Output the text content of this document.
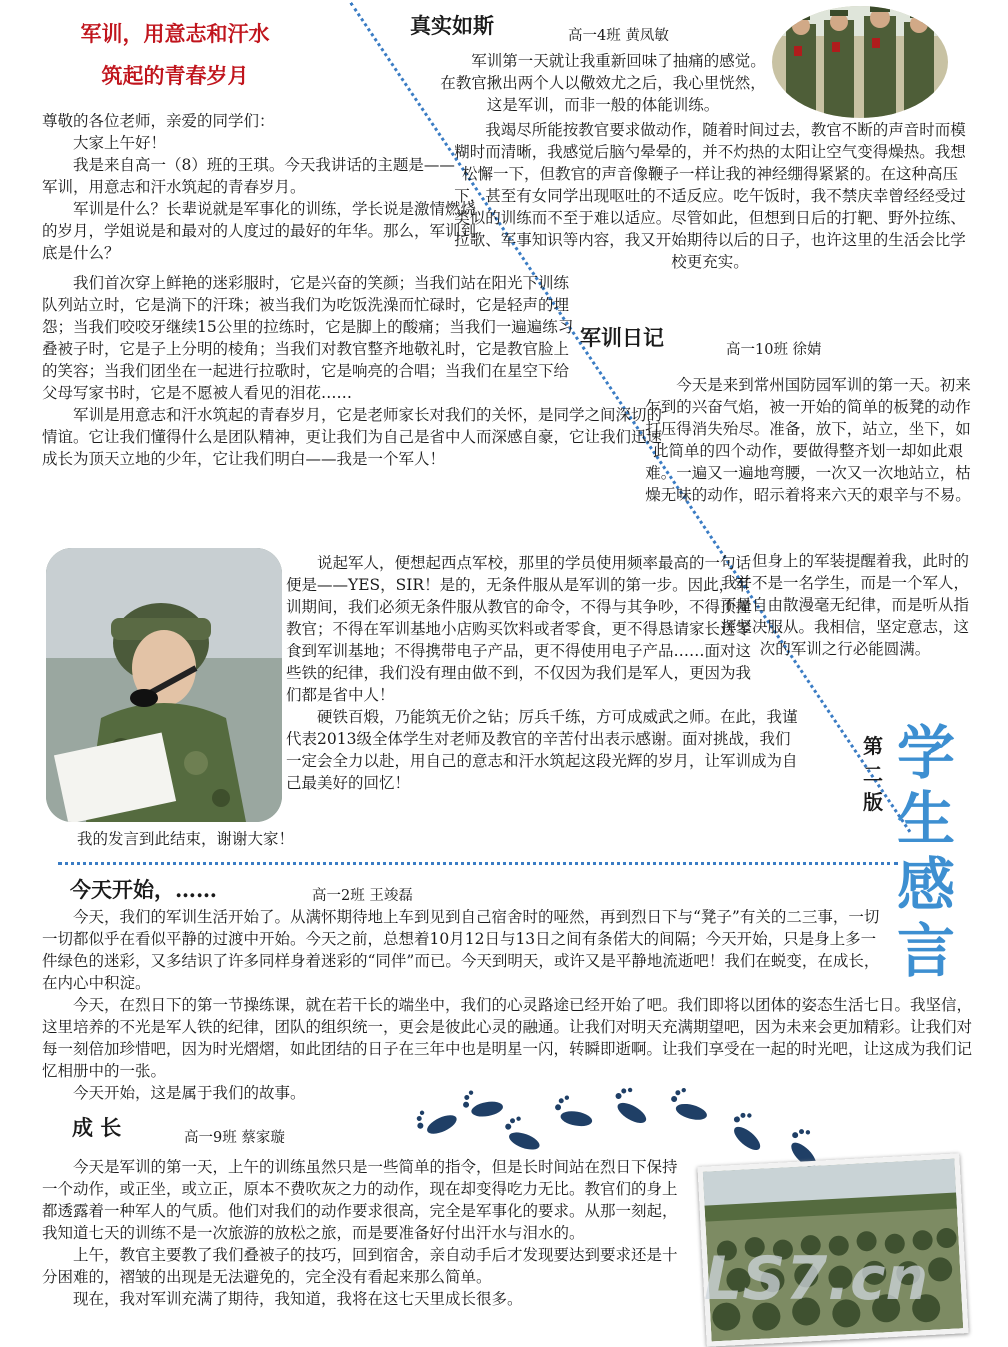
军训，用意志和汗水
筑起的青春岁月

尊敬的各位老师，亲爱的同学们：

大家上午好！

我是来自高一（8）班的王琪。今天我讲话的主题是——军训，用意志和汗水筑起的青春岁月。

军训是什么？长辈说就是军事化的训练，学长说是激情燃烧的岁月，学姐说是和最对的人度过的最好的年华。那么，军训到底是什么？

我们首次穿上鲜艳的迷彩服时，它是兴奋的笑颜；当我们站在阳光下训练队列站立时，它是淌下的汗珠；被当我们为吃饭洗澡而忙碌时，它是轻声的埋怨；当我们咬咬牙继续15公里的拉练时，它是脚上的酸痛；当我们一遍遍练习叠被子时，它是子上分明的棱角；当我们对教官整齐地敬礼时，它是教官脸上的笑容；当我们团坐在一起进行拉歌时，它是响亮的合唱；当我们在星空下给父母写家书时，它是不愿被人看见的泪花……

军训是用意志和汗水筑起的青春岁月，它是老师家长对我们的关怀，是同学之间深切的情谊。它让我们懂得什么是团队精神，更让我们为自己是省中人而深感自豪，它让我们迅速成长为顶天立地的少年，它让我们明白——我是一个军人！

说起军人，便想起西点军校，那里的学员使用频率最高的一句话便是——YES，SIR！是的，无条件服从是军训的第一步。因此，军训期间，我们必须无条件服从教官的命令，不得与其争吵，不得顶撞教官；不得在军训基地小店购买饮料或者零食，更不得恳请家长送零食到军训基地；不得携带电子产品，更不得使用电子产品……面对这些铁的纪律，我们没有理由做不到，不仅因为我们是军人，更因为我们都是省中人！

硬铁百煅，乃能筑无价之钻；厉兵千练，方可成威武之师。在此，我谨代表2013级全体学生对老师及教官的辛苦付出表示感谢。面对挑战，我们一定会全力以赴，用自己的意志和汗水筑起这段光辉的岁月，让军训成为自己最美好的回忆！

我的发言到此结束，谢谢大家！

真实如斯	高一4班 黄凤敏

军训第一天就让我重新回味了抽痛的感觉。在教官揪出两个人以儆效尤之后，我心里恍然，这是军训，而非一般的体能训练。

我竭尽所能按教官要求做动作，随着时间过去，教官不断的声音时而模糊时而清晰，我感觉后脑勺晕晕的，并不灼热的太阳让空气变得燥热。我想松懈一下，但教官的声音像鞭子一样让我的神经绷得紧紧的。在这种高压下，甚至有女同学出现呕吐的不适反应。吃午饭时，我不禁庆幸曾经经受过类似的训练而不至于难以适应。尽管如此，但想到日后的打靶、野外拉练、拉歌、军事知识等内容，我又开始期待以后的日子，也许这里的生活会比学校更充实。

军训日记	高一10班 徐婧

今天是来到常州国防园军训的第一天。初来乍到的兴奋气焰，被一开始的简单的板凳的动作打压得消失殆尽。准备，放下，站立，坐下，如此简单的四个动作，要做得整齐划一却如此艰难。一遍又一遍地弯腰，一次又一次地站立，枯燥无味的动作，昭示着将来六天的艰辛与不易。

但身上的军装提醒着我，此时的我并不是一名学生，而是一个军人，不是自由散漫毫无纪律，而是听从指挥坚决服从。我相信，坚定意志，这次的军训之行必能圆满。

第二版
学
生
感
言
今天开始，……	高一2班 王竣磊

今天，我们的军训生活开始了。从满怀期待地上车到见到自己宿舍时的哑然，再到烈日下与“凳子”有关的二三事，一切一切都似乎在看似平静的过渡中开始。今天之前，总想着10月12日与13日之间有条偌大的间隔；今天开始，只是身上多一件绿色的迷彩，又多结识了许多同样身着迷彩的“同伴”而已。今天到明天，或许又是平静地流逝吧！我们在蜕变，在成长，在内心中积淀。

今天，在烈日下的第一节操练课，就在若干长的端坐中，我们的心灵路途已经开始了吧。我们即将以团体的姿态生活七日。我坚信，这里培养的不光是军人铁的纪律，团队的组织统一，更会是彼此心灵的融通。让我们对明天充满期望吧，因为未来会更加精彩。让我们对每一刻倍加珍惜吧，因为时光熠熠，如此团结的日子在三年中也是明星一闪，转瞬即逝啊。让我们享受在一起的时光吧，让这成为我们记忆相册中的一张。

今天开始，这是属于我们的故事。

成 长	高一9班 蔡家璇

今天是军训的第一天，上午的训练虽然只是一些简单的指令，但是长时间站在烈日下保持一个动作，或正坐，或立正，原本不费吹灰之力的动作，现在却变得吃力无比。教官们的身上都透露着一种军人的气质。他们对我们的动作要求很高，完全是军事化的要求。从那一刻起，我知道七天的训练不是一次旅游的放松之旅，而是要准备好付出汗水与泪水的。

上午，教官主要教了我们叠被子的技巧，回到宿舍，亲自动手后才发现要达到要求还是十分困难的，褶皱的出现是无法避免的，完全没有看起来那么简单。

现在，我对军训充满了期待，我知道，我将在这七天里成长很多。	LS7.cn
